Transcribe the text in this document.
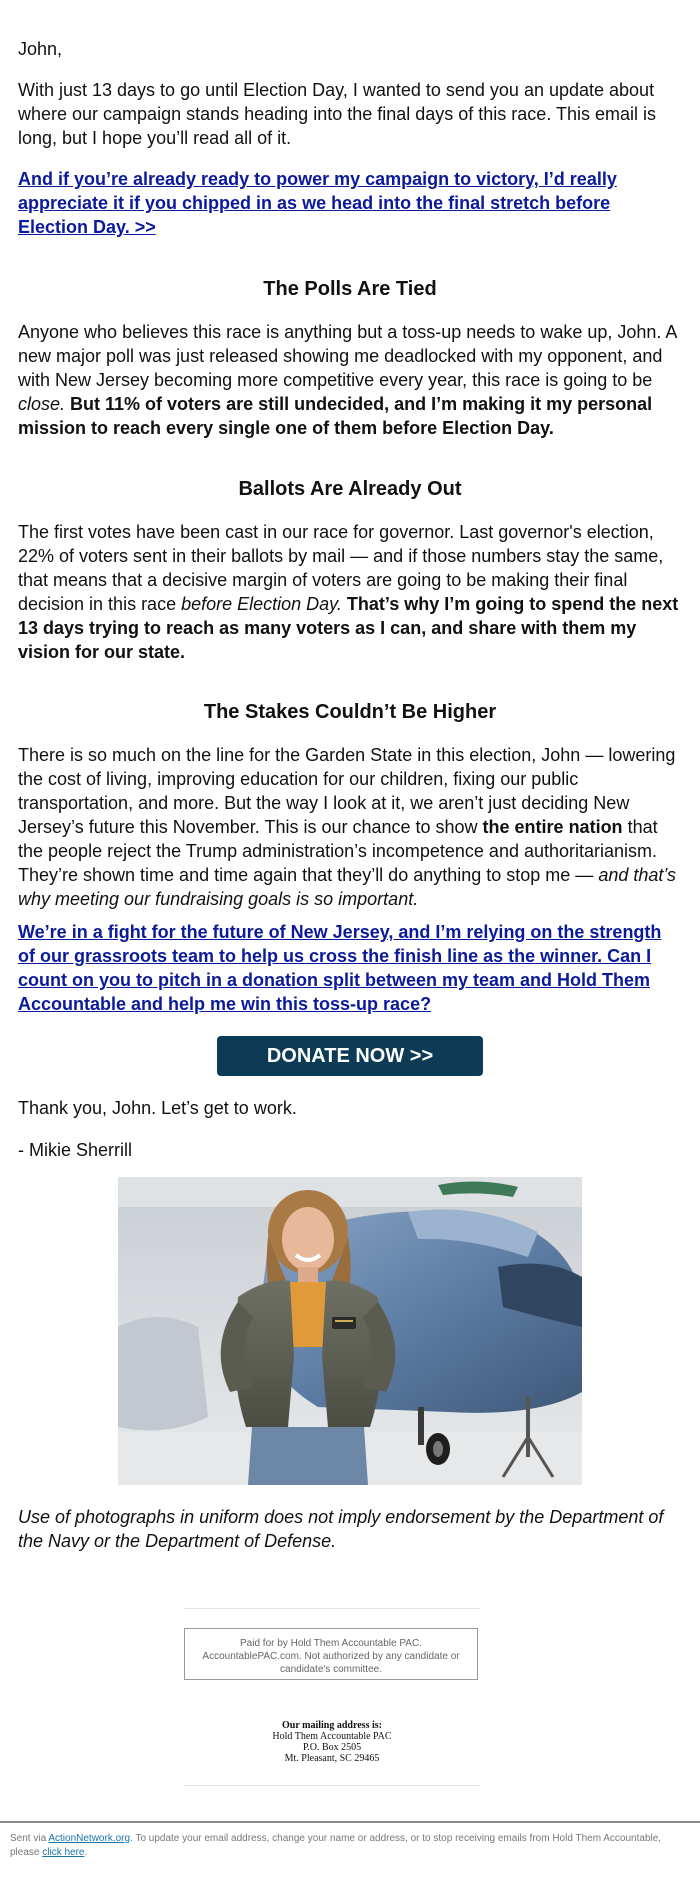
John,

With just 13 days to go until Election Day, I wanted to send you an update about where our campaign stands heading into the final days of this race. This email is long, but I hope you’ll read all of it.

And if you’re already ready to power my campaign to victory, I’d really appreciate it if you chipped in as we head into the final stretch before Election Day. >>

The Polls Are Tied

Anyone who believes this race is anything but a toss-up needs to wake up, John. A new major poll was just released showing me deadlocked with my opponent, and with New Jersey becoming more competitive every year, this race is going to be close. But 11% of voters are still undecided, and I’m making it my personal mission to reach every single one of them before Election Day.

Ballots Are Already Out

The first votes have been cast in our race for governor. Last governor's election, 22% of voters sent in their ballots by mail — and if those numbers stay the same, that means that a decisive margin of voters are going to be making their final decision in this race before Election Day. That’s why I’m going to spend the next 13 days trying to reach as many voters as I can, and share with them my vision for our state.

The Stakes Couldn’t Be Higher

There is so much on the line for the Garden State in this election, John — lowering the cost of living, improving education for our children, fixing our public transportation, and more. But the way I look at it, we aren’t just deciding New Jersey’s future this November. This is our chance to show the entire nation that the people reject the Trump administration’s incompetence and authoritarianism. They’re shown time and time again that they’ll do anything to stop me — and that’s why meeting our fundraising goals is so important.

We’re in a fight for the future of New Jersey, and I’m relying on the strength of our grassroots team to help us cross the finish line as the winner. Can I count on you to pitch in a donation split between my team and Hold Them Accountable and help me win this toss-up race?

DONATE NOW >>

Thank you, John. Let’s get to work.

- Mikie Sherrill

Use of photographs in uniform does not imply endorsement by the Department of the Navy or the Department of Defense.

Paid for by Hold Them Accountable PAC.
AccountablePAC.com. Not authorized by any candidate or
candidate's committee.
Our mailing address is:
Hold Them Accountable PAC
P.O. Box 2505
Mt. Pleasant, SC 29465
Sent via ActionNetwork.org. To update your email address, change your name or address, or to stop receiving emails from Hold Them Accountable, please click here.
